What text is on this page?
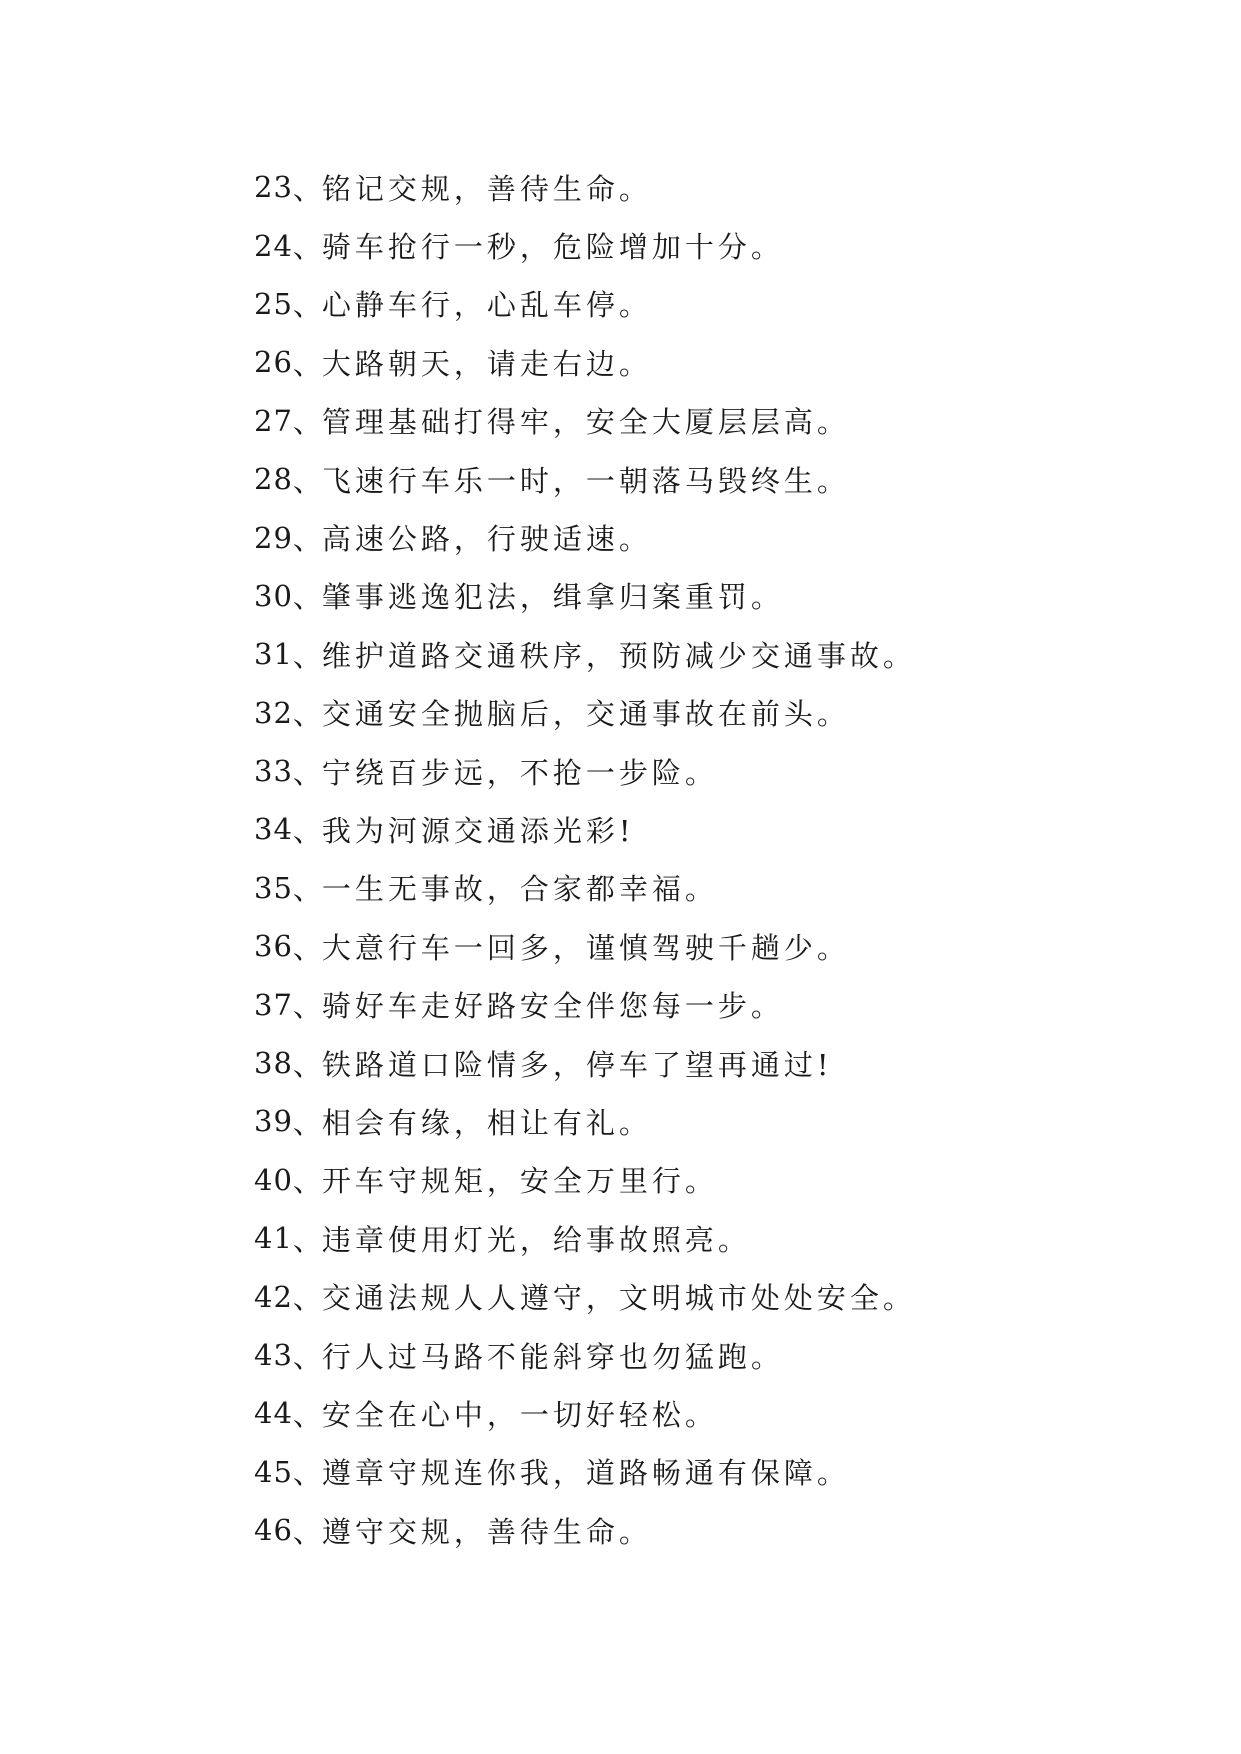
23 、 铭记交规，善待生命。
24 、 骑车抢行一秒，危险增加十分。
25 、 心静车行，心乱车停。
26 、 大路朝天，请走右边。
27 、 管理基础打得牢，安全大厦层层高。
28 、 飞速行车乐一时，一朝落马毁终生。
29 、 高速公路，行驶适速。
30 、 肇事逃逸犯法，缉拿归案重罚。
31 、 维护道路交通秩序，预防减少交通事故。
32 、 交通安全抛脑后，交通事故在前头。
33 、 宁绕百步远，不抢一步险。
34 、 我为河源交通添光彩!
35 、 一生无事故，合家都幸福。
36 、 大意行车一回多，谨慎驾驶千趟少。
37 、 骑好车走好路安全伴您每一步。
38 、 铁路道口险情多，停车了望再通过!
39 、 相会有缘，相让有礼。
40 、 开车守规矩，安全万里行。
41 、 违章使用灯光，给事故照亮。
42 、 交通法规人人遵守，文明城市处处安全。
43 、 行人过马路不能斜穿也勿猛跑。
44 、 安全在心中，一切好轻松。
45 、 遵章守规连你我，道路畅通有保障。
46 、 遵守交规，善待生命。
